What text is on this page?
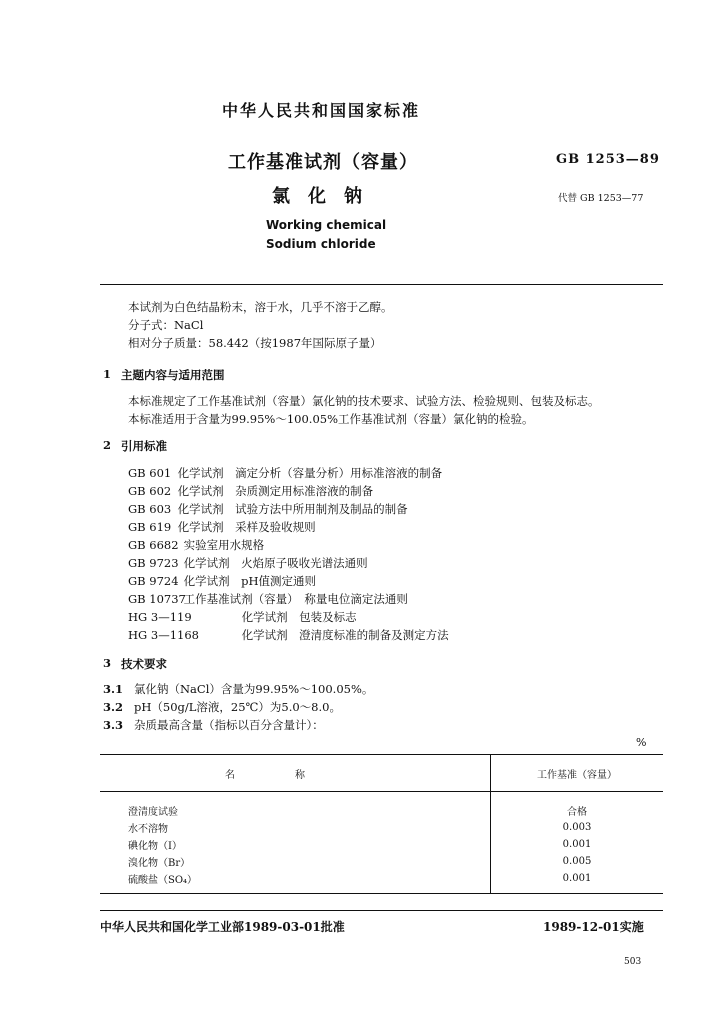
中华人民共和国国家标准
工作基准试剂（容量）
氯化钠
GB 1253—89
代替 GB 1253—77
Working chemical
Sodium chloride
本试剂为白色结晶粉末，溶于水，几乎不溶于乙醇。
分子式：NaCl
相对分子质量：58.442（按1987年国际原子量）
1 主题内容与适用范围
本标准规定了工作基准试剂（容量）氯化钠的技术要求、试验方法、检验规则、包装及标志。
本标准适用于含量为99.95%～100.05%工作基准试剂（容量）氯化钠的检验。
2 引用标准
GB 601 化学试剂　滴定分析（容量分析）用标准溶液的制备
GB 602 化学试剂　杂质测定用标准溶液的制备
GB 603 化学试剂　试验方法中所用制剂及制品的制备
GB 619 化学试剂　采样及验收规则
GB 6682 实验室用水规格
GB 9723 化学试剂　火焰原子吸收光谱法通则
GB 9724 化学试剂　pH值测定通则
GB 10737 工作基准试剂（容量）　称量电位滴定法通则
HG 3—119	化学试剂　包装及标志
HG 3—1168	化学试剂　澄清度标准的制备及测定方法
3 技术要求
3.1 氯化钠（NaCl）含量为99.95%～100.05%。
3.2 pH（50g/L溶液，25℃）为5.0～8.0。
3.3 杂质最高含量（指标以百分含量计）：
%
名称	工作基准（容量）
澄清度试验	合格
水不溶物	0.003
碘化物（I）	0.001
溴化物（Br）	0.005
硫酸盐（SO₄）	0.001
中华人民共和国化学工业部1989-03-01批准	1989-12-01实施
503
